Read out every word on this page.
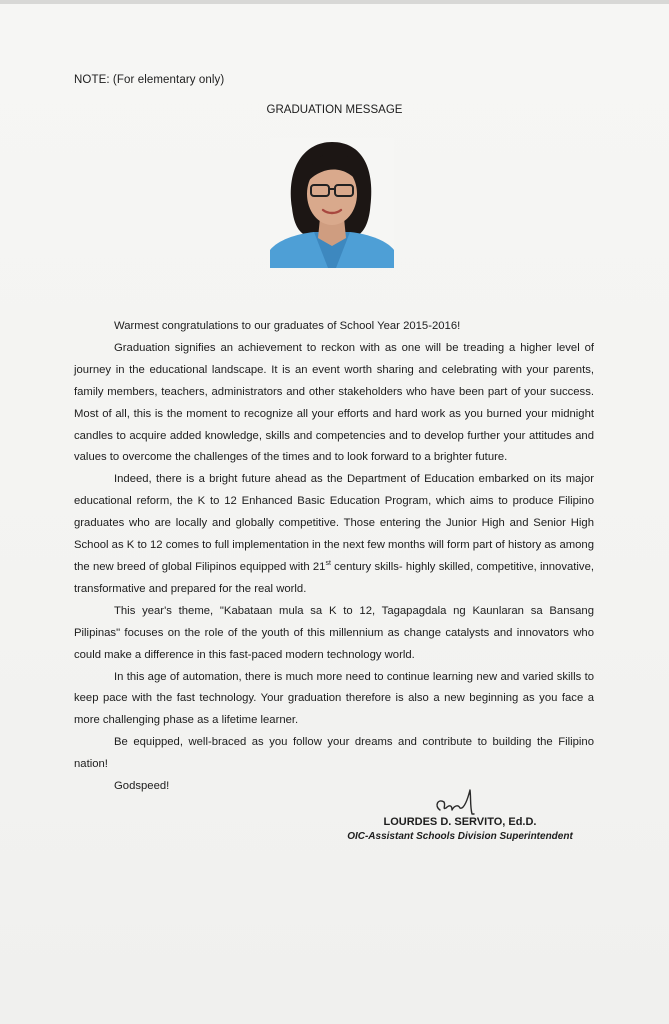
NOTE: (For elementary only)
GRADUATION MESSAGE

Warmest congratulations to our graduates of School Year 2015-2016!

Graduation signifies an achievement to reckon with as one will be treading a higher level of journey in the educational landscape. It is an event worth sharing and celebrating with your parents, family members, teachers, administrators and other stakeholders who have been part of your success. Most of all, this is the moment to recognize all your efforts and hard work as you burned your midnight candles to acquire added knowledge, skills and competencies and to develop further your attitudes and values to overcome the challenges of the times and to look forward to a brighter future.

Indeed, there is a bright future ahead as the Department of Education embarked on its major educational reform, the K to 12 Enhanced Basic Education Program, which aims to produce Filipino graduates who are locally and globally competitive. Those entering the Junior High and Senior High School as K to 12 comes to full implementation in the next few months will form part of history as among the new breed of global Filipinos equipped with 21st century skills- highly skilled, competitive, innovative, transformative and prepared for the real world.

This year's theme, "Kabataan mula sa K to 12, Tagapagdala ng Kaunlaran sa Bansang Pilipinas" focuses on the role of the youth of this millennium as change catalysts and innovators who could make a difference in this fast-paced modern technology world.

In this age of automation, there is much more need to continue learning new and varied skills to keep pace with the fast technology. Your graduation therefore is also a new beginning as you face a more challenging phase as a lifetime learner.

Be equipped, well-braced as you follow your dreams and contribute to building the Filipino nation!

Godspeed!

LOURDES D. SERVITO, Ed.D.
OIC-Assistant Schools Division Superintendent
